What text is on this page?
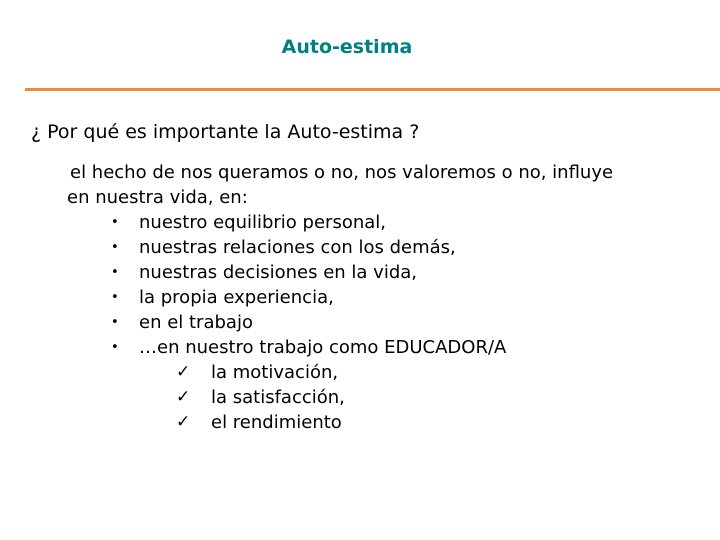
Auto-estima
¿ Por qué es importante la Auto-estima ?
el hecho de nos queramos o no, nos valoremos o no, influye
en nuestra vida, en:
• nuestro equilibrio personal,
• nuestras relaciones con los demás,
• nuestras decisiones en la vida,
• la propia experiencia,
• en el trabajo
• …en nuestro trabajo como EDUCADOR/A
✓ la motivación,
✓ la satisfacción,
✓ el rendimiento
